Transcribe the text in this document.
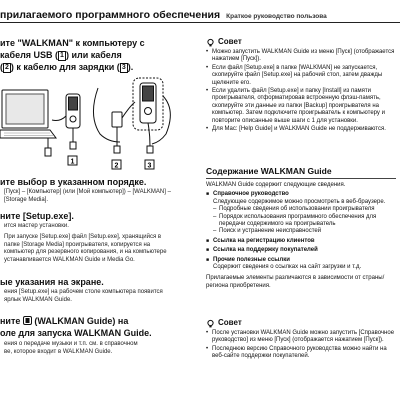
прилагаемого программного обеспечения Краткое руководство пользова
ите "WALKMAN" к компьютеру с
кабеля USB ( 1 ) или кабеля
( 2 ) к кабелю для зарядки ( 3 ).
1
2	3
ите выбор в указанном порядке.
[Пуск] – [Компьютер] (или [Мой компьютер]) – [WALKMAN] –
[Storage Media].
ните [Setup.exe].
ится мастер установки.
При запуске [Setup.exe] файл [Setup.exe], хранящийся в
папке [Storage Media] проигрывателя, копируется на
компьютер для резервного копирования, и на компьютере
устанавливается WALKMAN Guide и Media Go.
ые указания на экране.
ения [Setup.exe] на рабочем столе компьютера появится
ярлык WALKMAN Guide.
ните (WALKMAN Guide) на
оле для запуска WALKMAN Guide.
ения о передаче музыки и т.п. см. в справочном
ве, которое входит в WALKMAN Guide.
Совет
• Можно запустить WALKMAN Guide из меню [Пуск] (отображается нажатием [Пуск]).
• Если файл [Setup.exe] в папке [WALKMAN] не запускается, скопируйте файл [Setup.exe] на рабочий стол, затем дважды щелкните его.
• Если удалить файл [Setup.exe] и папку [Install] из памяти проигрывателя, отформатировав встроенную флэш-память, скопируйте эти данные из папки [Backup] проигрывателя на компьютер. Затем подключите проигрыватель к компьютеру и повторите описанные выше шаги с 1 для установки.
• Для Mac: [Help Guide] и WALKMAN Guide не поддерживаются.
Содержание WALKMAN Guide
WALKMAN Guide содержит следующие сведения.
■ Справочное руководство
Следующее содержимое можно просмотреть в веб-браузере.
– Подробные сведения об использовании проигрывателя
– Порядок использования программного обеспечения для передачи содержимого на проигрыватель
– Поиск и устранение неисправностей
■ Ссылка на регистрацию клиентов
■ Ссылка на поддержку покупателей
■ Прочие полезные ссылки
Содержит сведения о ссылках на сайт загрузки и т.д.
Прилагаемые элементы различаются в зависимости от страны/региона приобретения.
Совет
• После установки WALKMAN Guide можно запустить [Справочное руководство] из меню [Пуск] (отображается нажатием [Пуск]).
• Последнюю версию Справочного руководства можно найти на веб-сайте поддержки покупателей.
